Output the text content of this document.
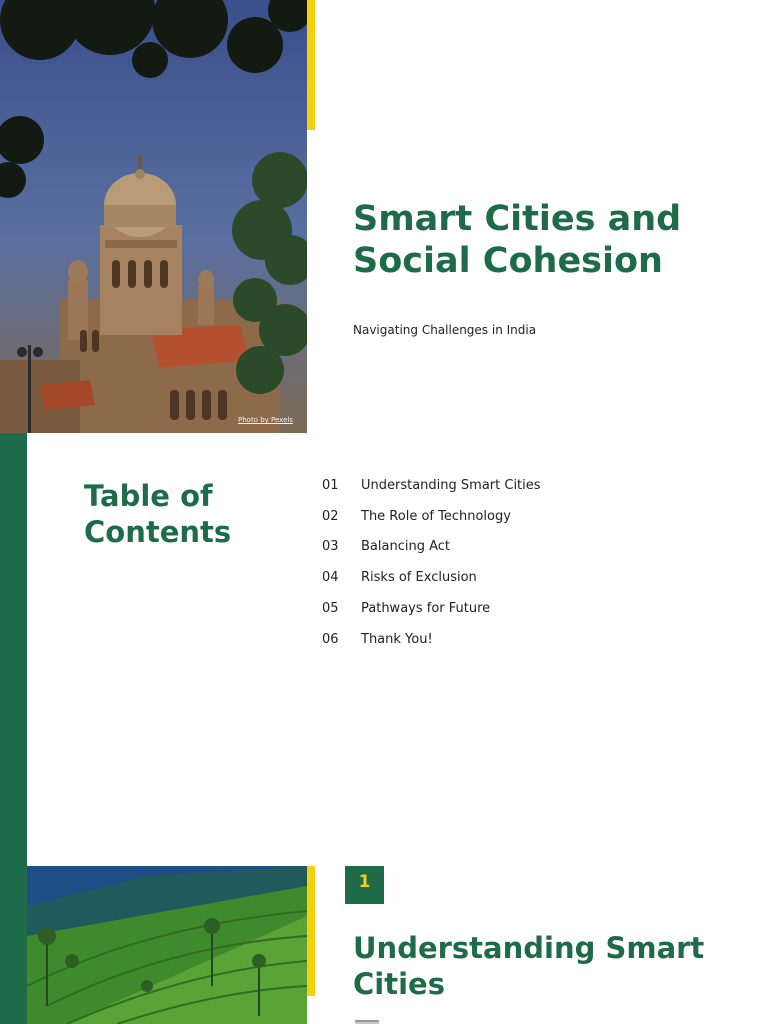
Photo by Pexels
Smart Cities and Social Cohesion

Navigating Challenges in India

Table of Contents
01	Understanding Smart Cities
02	The Role of Technology
03	Balancing Act
04	Risks of Exclusion
05	Pathways for Future
06	Thank You!
1
Understanding Smart Cities
